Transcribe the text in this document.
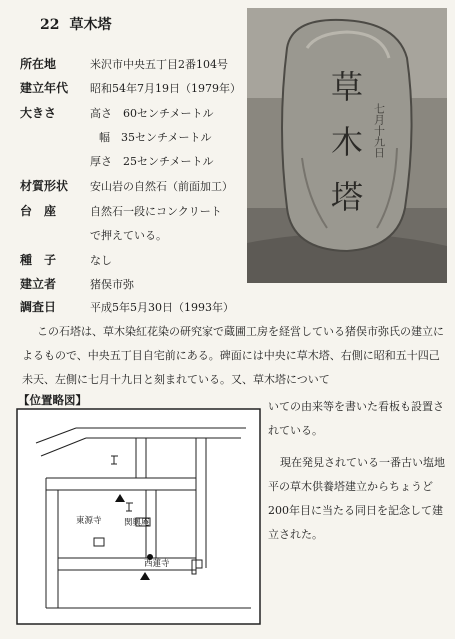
22 草木塔
所在地	米沢市中央五丁目2番104号
建立年代 昭和54年7月19日（1979年）
大きさ	高さ　60センチメートル
幅　35センチメートル
厚さ　25センチメートル
材質形状 安山岩の自然石（前面加工）
台　座	自然石一段にコンクリート
で押えている。
種　子	なし
建立者	猪俣市弥
調査日	平成5年5月30日（1993年）
草
木
塔
七月十九日
この石塔は、草木染紅花染の研究家で蔵圃工房を経営している猪俣市弥氏の建立によるもので、中央五丁目自宅前にある。碑面には中央に草木塔、右側に昭和五十四己未天、左側に七月十九日と刻まれている。又、草木塔について
【位置略図】
東源寺	関興庵
西蓮寺

いての由来等を書いた看板も設置されている。

現在発見されている一番古い塩地平の草木供養塔建立からちょうど200年目に当たる同日を記念して建立された。
